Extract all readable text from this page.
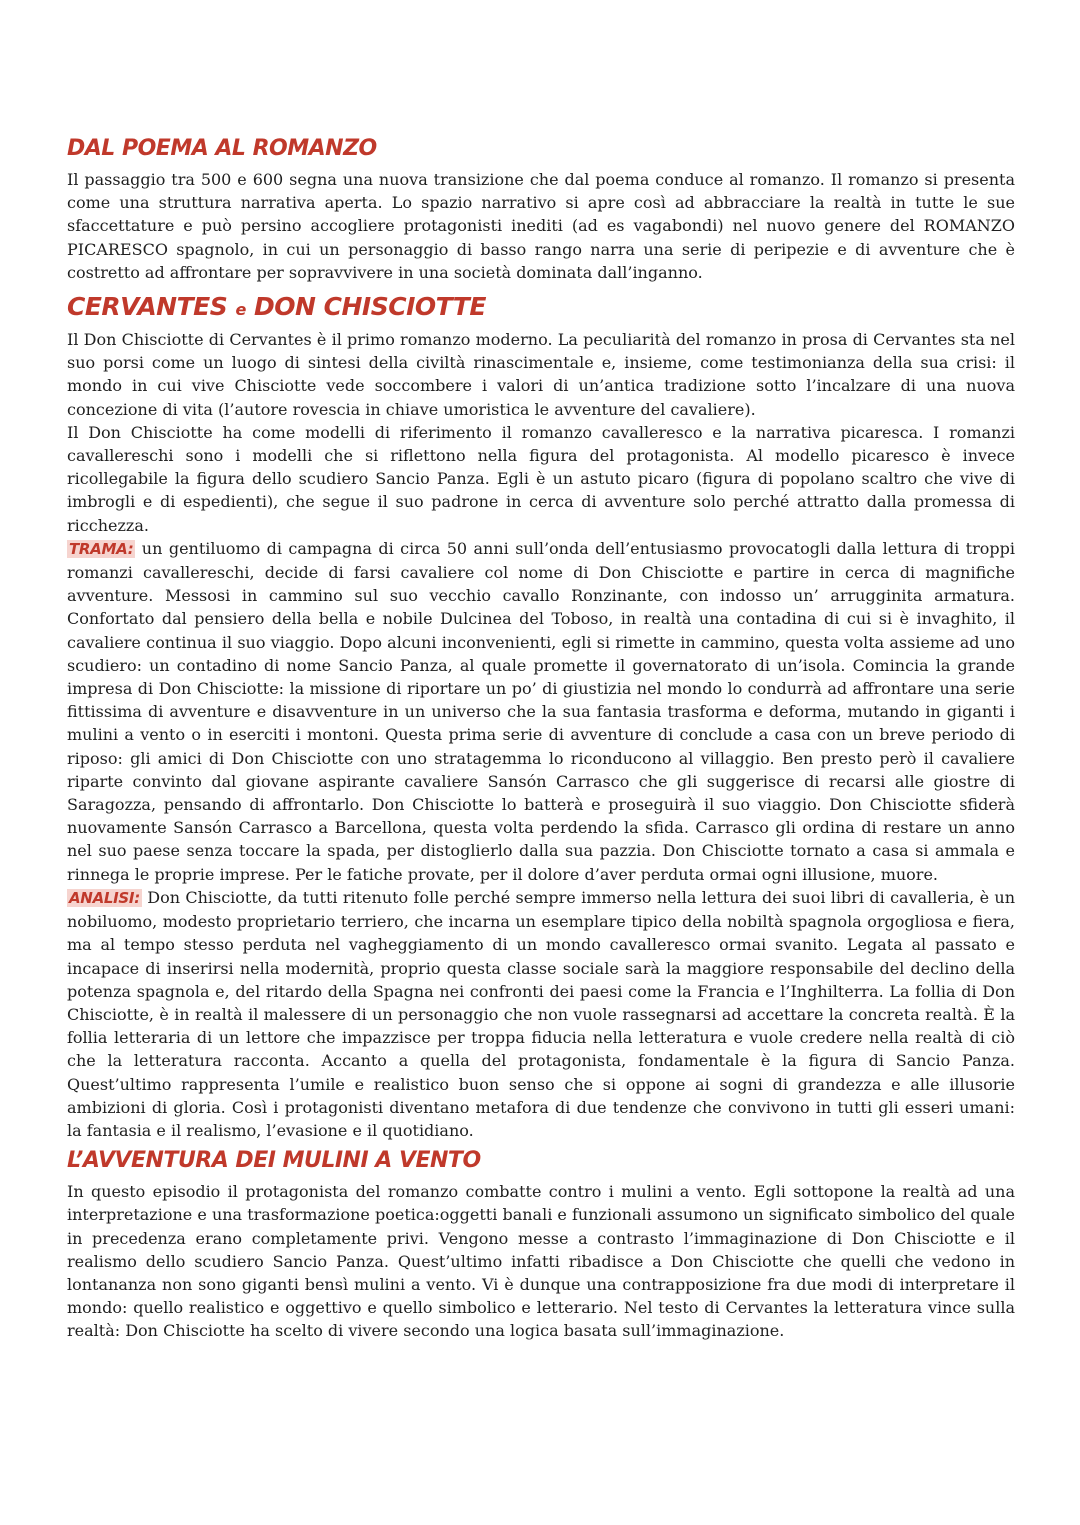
DAL POEMA AL ROMANZO

Il passaggio tra 500 e 600 segna una nuova transizione che dal poema conduce al romanzo. Il romanzo si presenta come una struttura narrativa aperta. Lo spazio narrativo si apre così ad abbracciare la realtà in tutte le sue sfaccettature e può persino accogliere protagonisti inediti (ad es vagabondi) nel nuovo genere del ROMANZO PICARESCO spagnolo, in cui un personaggio di basso rango narra una serie di peripezie e di avventure che è costretto ad affrontare per sopravvivere in una società dominata dall’inganno.

CERVANTES e DON CHISCIOTTE

Il Don Chisciotte di Cervantes è il primo romanzo moderno. La peculiarità del romanzo in prosa di Cervantes sta nel suo porsi come un luogo di sintesi della civiltà rinascimentale e, insieme, come testimonianza della sua crisi: il mondo in cui vive Chisciotte vede soccombere i valori di un’antica tradizione sotto l’incalzare di una nuova concezione di vita (l’autore rovescia in chiave umoristica le avventure del cavaliere).

Il Don Chisciotte ha come modelli di riferimento il romanzo cavalleresco e la narrativa picaresca. I romanzi cavallereschi sono i modelli che si riflettono nella figura del protagonista. Al modello picaresco è invece ricollegabile la figura dello scudiero Sancio Panza. Egli è un astuto picaro (figura di popolano scaltro che vive di imbrogli e di espedienti), che segue il suo padrone in cerca di avventure solo perché attratto dalla promessa di ricchezza.

TRAMA: un gentiluomo di campagna di circa 50 anni sull’onda dell’entusiasmo provocatogli dalla lettura di troppi romanzi cavallereschi, decide di farsi cavaliere col nome di Don Chisciotte e partire in cerca di magnifiche avventure. Messosi in cammino sul suo vecchio cavallo Ronzinante, con indosso un’ arrugginita armatura. Confortato dal pensiero della bella e nobile Dulcinea del Toboso, in realtà una contadina di cui si è invaghito, il cavaliere continua il suo viaggio. Dopo alcuni inconvenienti, egli si rimette in cammino, questa volta assieme ad uno scudiero: un contadino di nome Sancio Panza, al quale promette il governatorato di un’isola. Comincia la grande impresa di Don Chisciotte: la missione di riportare un po’ di giustizia nel mondo lo condurrà ad affrontare una serie fittissima di avventure e disavventure in un universo che la sua fantasia trasforma e deforma, mutando in giganti i mulini a vento o in eserciti i montoni. Questa prima serie di avventure di conclude a casa con un breve periodo di riposo: gli amici di Don Chisciotte con uno stratagemma lo riconducono al villaggio. Ben presto però il cavaliere riparte convinto dal giovane aspirante cavaliere Sansón Carrasco che gli suggerisce di recarsi alle giostre di Saragozza, pensando di affrontarlo. Don Chisciotte lo batterà e proseguirà il suo viaggio. Don Chisciotte sfiderà nuovamente Sansón Carrasco a Barcellona, questa volta perdendo la sfida. Carrasco gli ordina di restare un anno nel suo paese senza toccare la spada, per distoglierlo dalla sua pazzia. Don Chisciotte tornato a casa si ammala e rinnega le proprie imprese. Per le fatiche provate, per il dolore d’aver perduta ormai ogni illusione, muore.

ANALISI: Don Chisciotte, da tutti ritenuto folle perché sempre immerso nella lettura dei suoi libri di cavalleria, è un nobiluomo, modesto proprietario terriero, che incarna un esemplare tipico della nobiltà spagnola orgogliosa e fiera, ma al tempo stesso perduta nel vagheggiamento di un mondo cavalleresco ormai svanito. Legata al passato e incapace di inserirsi nella modernità, proprio questa classe sociale sarà la maggiore responsabile del declino della potenza spagnola e, del ritardo della Spagna nei confronti dei paesi come la Francia e l’Inghilterra. La follia di Don Chisciotte, è in realtà il malessere di un personaggio che non vuole rassegnarsi ad accettare la concreta realtà. È la follia letteraria di un lettore che impazzisce per troppa fiducia nella letteratura e vuole credere nella realtà di ciò che la letteratura racconta. Accanto a quella del protagonista, fondamentale è la figura di Sancio Panza. Quest’ultimo rappresenta l’umile e realistico buon senso che si oppone ai sogni di grandezza e alle illusorie ambizioni di gloria. Così i protagonisti diventano metafora di due tendenze che convivono in tutti gli esseri umani: la fantasia e il realismo, l’evasione e il quotidiano.

L’AVVENTURA DEI MULINI A VENTO

In questo episodio il protagonista del romanzo combatte contro i mulini a vento. Egli sottopone la realtà ad una interpretazione e una trasformazione poetica:oggetti banali e funzionali assumono un significato simbolico del quale in precedenza erano completamente privi. Vengono messe a contrasto l’immaginazione di Don Chisciotte e il realismo dello scudiero Sancio Panza. Quest’ultimo infatti ribadisce a Don Chisciotte che quelli che vedono in lontananza non sono giganti bensì mulini a vento. Vi è dunque una contrapposizione fra due modi di interpretare il mondo: quello realistico e oggettivo e quello simbolico e letterario. Nel testo di Cervantes la letteratura vince sulla realtà: Don Chisciotte ha scelto di vivere secondo una logica basata sull’immaginazione.
